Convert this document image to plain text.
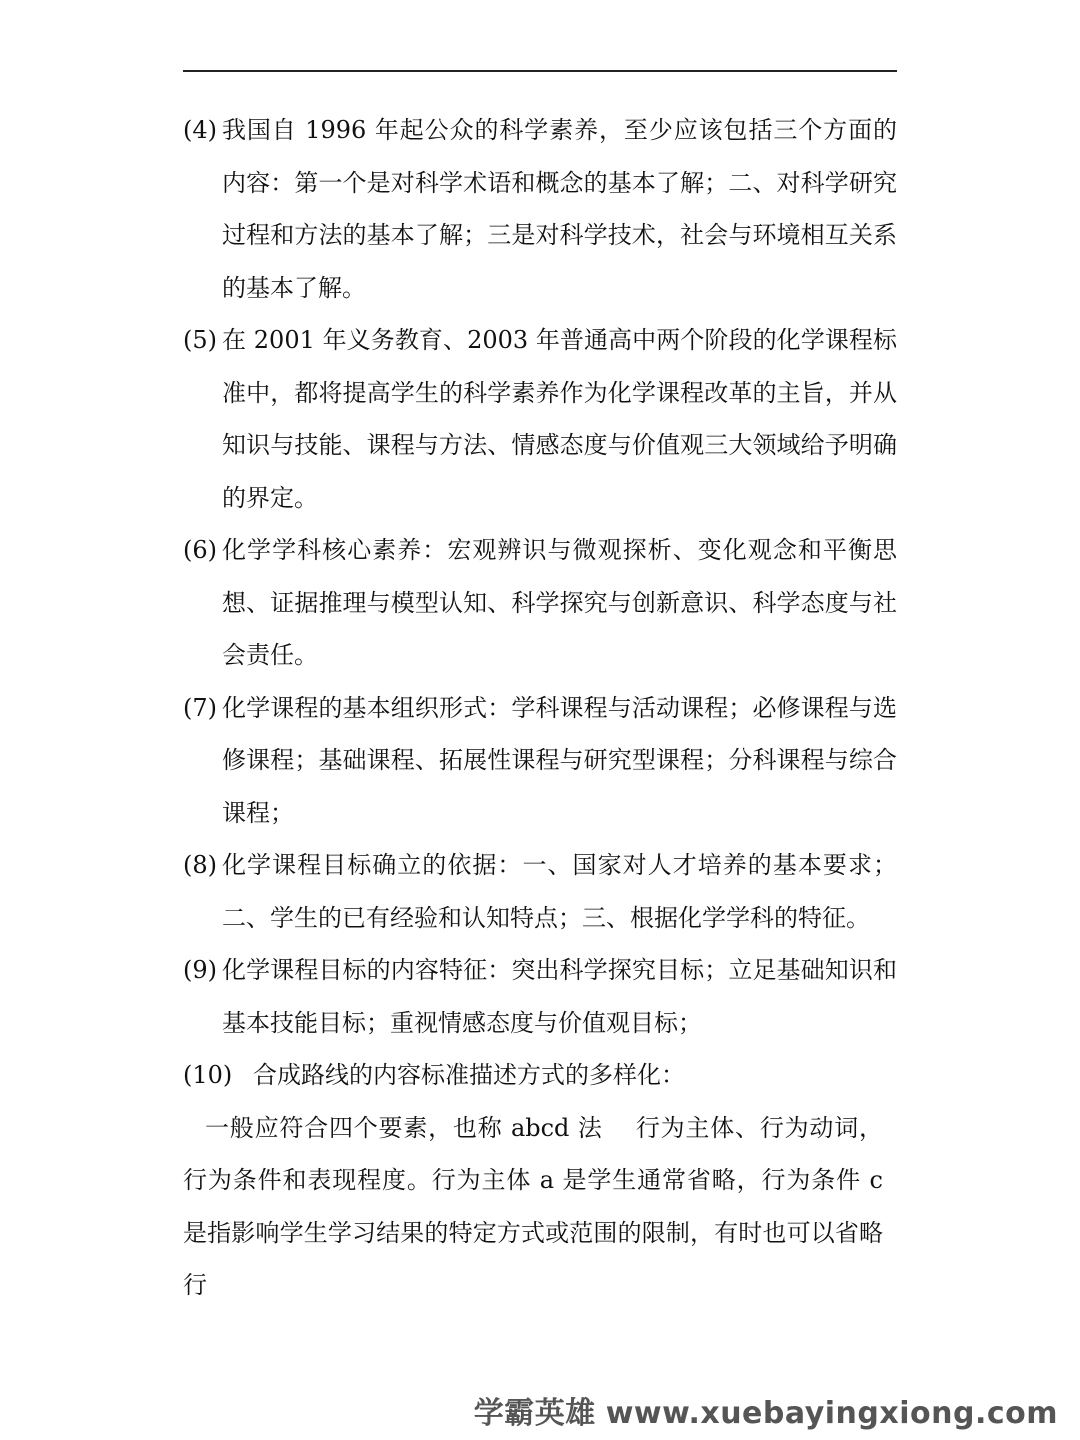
(4) 我国自 1996 年起公众的科学素养，至少应该包括三个方面的内容：第一个是对科学术语和概念的基本了解；二、对科学研究过程和方法的基本了解；三是对科学技术，社会与环境相互关系的基本了解。

(5) 在 2001 年义务教育、2003 年普通高中两个阶段的化学课程标准中，都将提高学生的科学素养作为化学课程改革的主旨，并从知识与技能、课程与方法、情感态度与价值观三大领域给予明确的界定。

(6) 化学学科核心素养：宏观辨识与微观探析、变化观念和平衡思想、证据推理与模型认知、科学探究与创新意识、科学态度与社会责任。

(7) 化学课程的基本组织形式：学科课程与活动课程；必修课程与选修课程；基础课程、拓展性课程与研究型课程；分科课程与综合课程；

(8) 化学课程目标确立的依据：一、国家对人才培养的基本要求；二、学生的已有经验和认知特点；三、根据化学学科的特征。

(9) 化学课程目标的内容特征：突出科学探究目标；立足基础知识和基本技能目标；重视情感态度与价值观目标；

(10) 合成路线的内容标准描述方式的多样化：

一般应符合四个要素，也称 abcd 法　 行为主体、行为动词，行为条件和表现程度。行为主体 a 是学生通常省略，行为条件 c 是指影响学生学习结果的特定方式或范围的限制，有时也可以省略行

学霸英雄 www.xuebayingxiong.com
